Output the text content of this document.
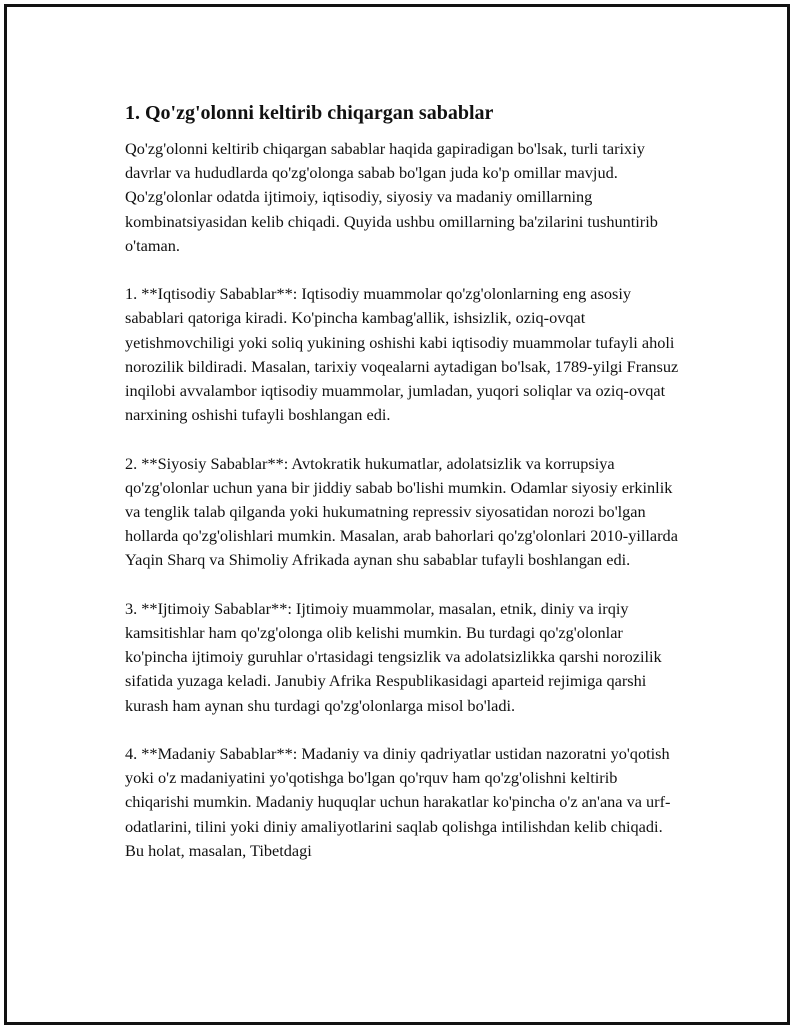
1. Qo'zg'olonni keltirib chiqargan sabablar

Qo'zg'olonni keltirib chiqargan sabablar haqida gapiradigan bo'lsak, turli tarixiy davrlar va hududlarda qo'zg'olonga sabab bo'lgan juda ko'p omillar mavjud. Qo'zg'olonlar odatda ijtimoiy, iqtisodiy, siyosiy va madaniy omillarning kombinatsiyasidan kelib chiqadi. Quyida ushbu omillarning ba'zilarini tushuntirib o'taman.

1. **Iqtisodiy Sabablar**: Iqtisodiy muammolar qo'zg'olonlarning eng asosiy sabablari qatoriga kiradi. Ko'pincha kambag'allik, ishsizlik, oziq-ovqat yetishmovchiligi yoki soliq yukining oshishi kabi iqtisodiy muammolar tufayli aholi norozilik bildiradi. Masalan, tarixiy voqealarni aytadigan bo'lsak, 1789-yilgi Fransuz inqilobi avvalambor iqtisodiy muammolar, jumladan, yuqori soliqlar va oziq-ovqat narxining oshishi tufayli boshlangan edi.

2. **Siyosiy Sabablar**: Avtokratik hukumatlar, adolatsizlik va korrupsiya qo'zg'olonlar uchun yana bir jiddiy sabab bo'lishi mumkin. Odamlar siyosiy erkinlik va tenglik talab qilganda yoki hukumatning repressiv siyosatidan norozi bo'lgan hollarda qo'zg'olishlari mumkin. Masalan, arab bahorlari qo'zg'olonlari 2010-yillarda Yaqin Sharq va Shimoliy Afrikada aynan shu sabablar tufayli boshlangan edi.

3. **Ijtimoiy Sabablar**: Ijtimoiy muammolar, masalan, etnik, diniy va irqiy kamsitishlar ham qo'zg'olonga olib kelishi mumkin. Bu turdagi qo'zg'olonlar ko'pincha ijtimoiy guruhlar o'rtasidagi tengsizlik va adolatsizlikka qarshi norozilik sifatida yuzaga keladi. Janubiy Afrika Respublikasidagi aparteid rejimiga qarshi kurash ham aynan shu turdagi qo'zg'olonlarga misol bo'ladi.

4. **Madaniy Sabablar**: Madaniy va diniy qadriyatlar ustidan nazoratni yo'qotish yoki o'z madaniyatini yo'qotishga bo'lgan qo'rquv ham qo'zg'olishni keltirib chiqarishi mumkin. Madaniy huquqlar uchun harakatlar ko'pincha o'z an'ana va urf-odatlarini, tilini yoki diniy amaliyotlarini saqlab qolishga intilishdan kelib chiqadi. Bu holat, masalan, Tibetdagi
